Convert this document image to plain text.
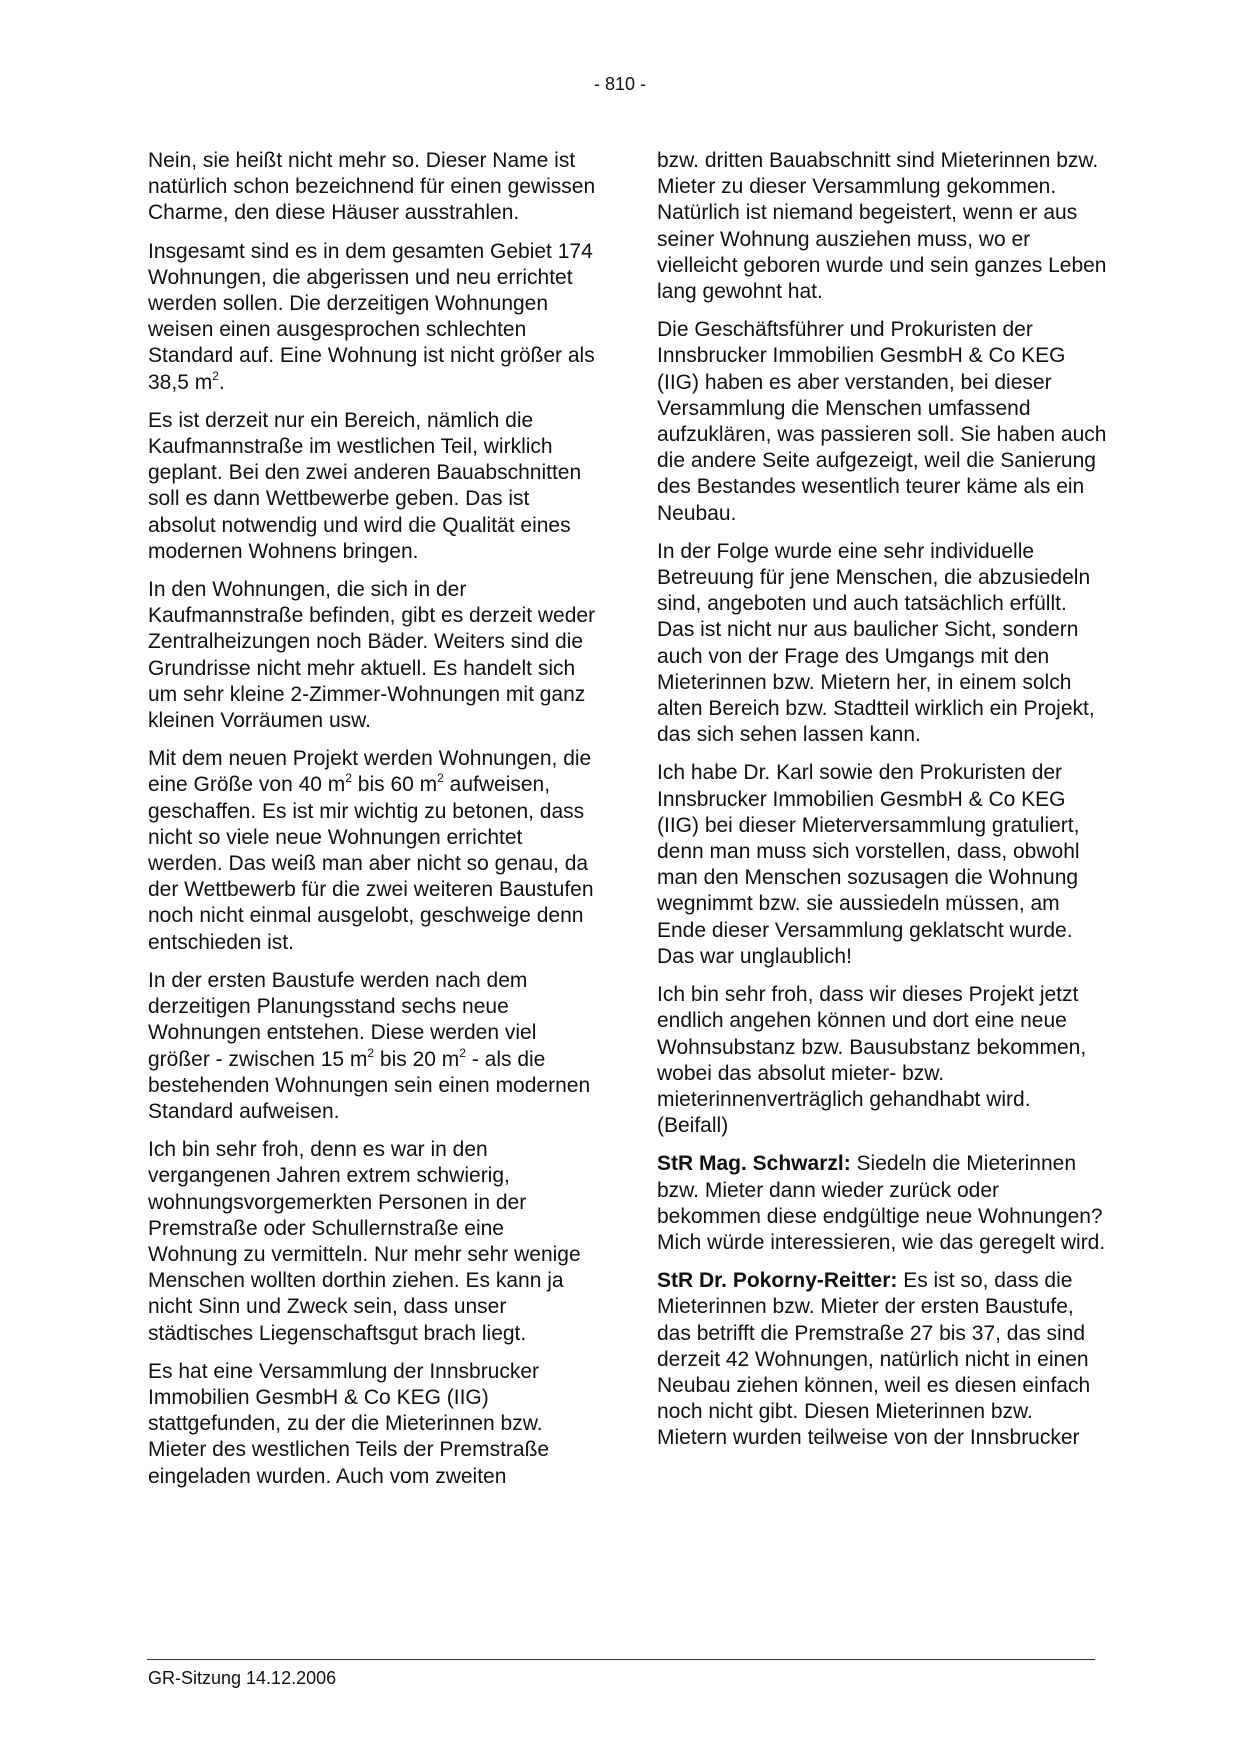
- 810 -

Nein, sie heißt nicht mehr so. Dieser Name ist natürlich schon bezeichnend für einen gewissen Charme, den diese Häuser ausstrahlen.

Insgesamt sind es in dem gesamten Gebiet 174 Wohnungen, die abgerissen und neu errichtet werden sollen. Die derzeitigen Wohnungen weisen einen ausgesprochen schlechten Standard auf. Eine Wohnung ist nicht größer als 38,5 $m^2$.

Es ist derzeit nur ein Bereich, nämlich die Kaufmannstraße im westlichen Teil, wirklich geplant. Bei den zwei anderen Bauabschnitten soll es dann Wettbewerbe geben. Das ist absolut notwendig und wird die Qualität eines modernen Wohnens bringen.

In den Wohnungen, die sich in der Kaufmannstraße befinden, gibt es derzeit weder Zentralheizungen noch Bäder. Weiters sind die Grundrisse nicht mehr aktuell. Es handelt sich um sehr kleine 2-Zimmer-Wohnungen mit ganz kleinen Vorräumen usw.

Mit dem neuen Projekt werden Wohnungen, die eine Größe von 40 $m^2$ bis 60 $m^2$ aufweisen, geschaffen. Es ist mir wichtig zu betonen, dass nicht so viele neue Wohnungen errichtet werden. Das weiß man aber nicht so genau, da der Wettbewerb für die zwei weiteren Baustufen noch nicht einmal ausgelobt, geschweige denn entschieden ist.

In der ersten Baustufe werden nach dem derzeitigen Planungsstand sechs neue Wohnungen entstehen. Diese werden viel größer - zwischen 15 $m^2$ bis 20 $m^2$ - als die bestehenden Wohnungen sein einen modernen Standard aufweisen.

Ich bin sehr froh, denn es war in den vergangenen Jahren extrem schwierig, wohnungsvorgemerkten Personen in der Premstraße oder Schullernstraße eine Wohnung zu vermitteln. Nur mehr sehr wenige Menschen wollten dorthin ziehen. Es kann ja nicht Sinn und Zweck sein, dass unser städtisches Liegenschaftsgut brach liegt.

Es hat eine Versammlung der Innsbrucker Immobilien GesmbH & Co KEG (IIG) stattgefunden, zu der die Mieterinnen bzw. Mieter des westlichen Teils der Premstraße eingeladen wurden. Auch vom zweiten

bzw. dritten Bauabschnitt sind Mieterinnen bzw. Mieter zu dieser Versammlung gekommen. Natürlich ist niemand begeistert, wenn er aus seiner Wohnung ausziehen muss, wo er vielleicht geboren wurde und sein ganzes Leben lang gewohnt hat.

Die Geschäftsführer und Prokuristen der Innsbrucker Immobilien GesmbH & Co KEG (IIG) haben es aber verstanden, bei dieser Versammlung die Menschen umfassend aufzuklären, was passieren soll. Sie haben auch die andere Seite aufgezeigt, weil die Sanierung des Bestandes wesentlich teurer käme als ein Neubau.

In der Folge wurde eine sehr individuelle Betreuung für jene Menschen, die abzusiedeln sind, angeboten und auch tatsächlich erfüllt. Das ist nicht nur aus baulicher Sicht, sondern auch von der Frage des Umgangs mit den Mieterinnen bzw. Mietern her, in einem solch alten Bereich bzw. Stadtteil wirklich ein Projekt, das sich sehen lassen kann.

Ich habe Dr. Karl sowie den Prokuristen der Innsbrucker Immobilien GesmbH & Co KEG (IIG) bei dieser Mieterversammlung gratuliert, denn man muss sich vorstellen, dass, obwohl man den Menschen sozusagen die Wohnung wegnimmt bzw. sie aussiedeln müssen, am Ende dieser Versammlung geklatscht wurde. Das war unglaublich!

Ich bin sehr froh, dass wir dieses Projekt jetzt endlich angehen können und dort eine neue Wohnsubstanz bzw. Bausubstanz bekommen, wobei das absolut mieter- bzw. mieterinnenverträglich gehandhabt wird. (Beifall)

StR Mag. Schwarzl: Siedeln die Mieterinnen bzw. Mieter dann wieder zurück oder bekommen diese endgültige neue Wohnungen? Mich würde interessieren, wie das geregelt wird.

StR Dr. Pokorny-Reitter: Es ist so, dass die Mieterinnen bzw. Mieter der ersten Baustufe, das betrifft die Premstraße 27 bis 37, das sind derzeit 42 Wohnungen, natürlich nicht in einen Neubau ziehen können, weil es diesen einfach noch nicht gibt. Diesen Mieterinnen bzw. Mietern wurden teilweise von der Innsbrucker

GR-Sitzung 14.12.2006
